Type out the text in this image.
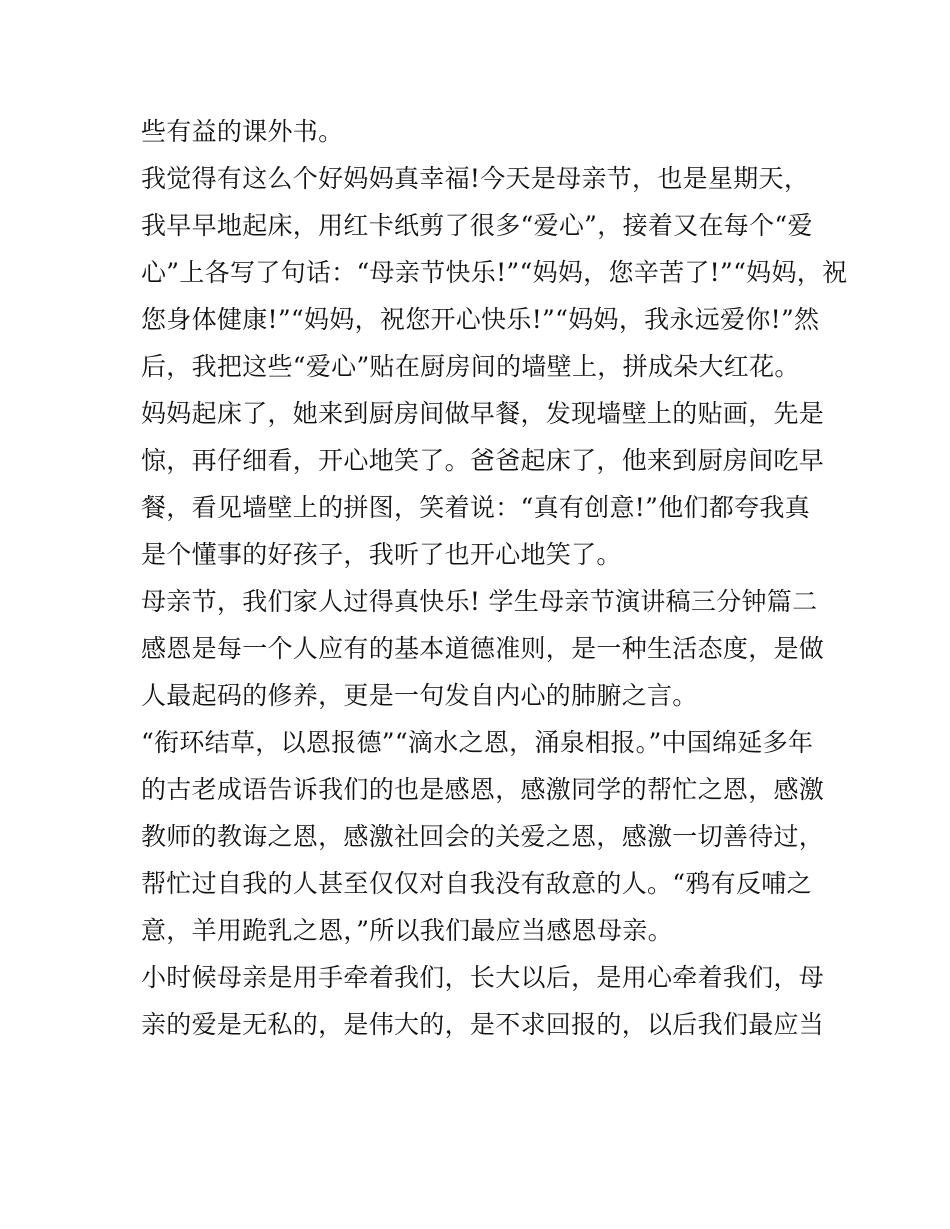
些有益的课外书。
我觉得有这么个好妈妈真幸福!今天是母亲节，也是星期天，
我早早地起床，用红卡纸剪了很多“爱心”，接着又在每个“爱
心”上各写了句话：“母亲节快乐!”“妈妈，您辛苦了!”“妈妈，祝
您身体健康!”“妈妈，祝您开心快乐!”“妈妈，我永远爱你!”然
后，我把这些“爱心”贴在厨房间的墙壁上，拼成朵大红花。
妈妈起床了，她来到厨房间做早餐，发现墙壁上的贴画，先是
惊，再仔细看，开心地笑了。爸爸起床了，他来到厨房间吃早
餐，看见墙壁上的拼图，笑着说：“真有创意!”他们都夸我真
是个懂事的好孩子，我听了也开心地笑了。
母亲节，我们家人过得真快乐! 学生母亲节演讲稿三分钟篇二
感恩是每一个人应有的基本道德准则，是一种生活态度，是做
人最起码的修养，更是一句发自内心的肺腑之言。
“衔环结草，以恩报德”“滴水之恩，涌泉相报。”中国绵延多年
的古老成语告诉我们的也是感恩，感激同学的帮忙之恩，感激
教师的教诲之恩，感激社回会的关爱之恩，感激一切善待过，
帮忙过自我的人甚至仅仅对自我没有敌意的人。“鸦有反哺之
意，羊用跪乳之恩，”所以我们最应当感恩母亲。
小时候母亲是用手牵着我们，长大以后，是用心牵着我们，母
亲的爱是无私的，是伟大的，是不求回报的，以后我们最应当
